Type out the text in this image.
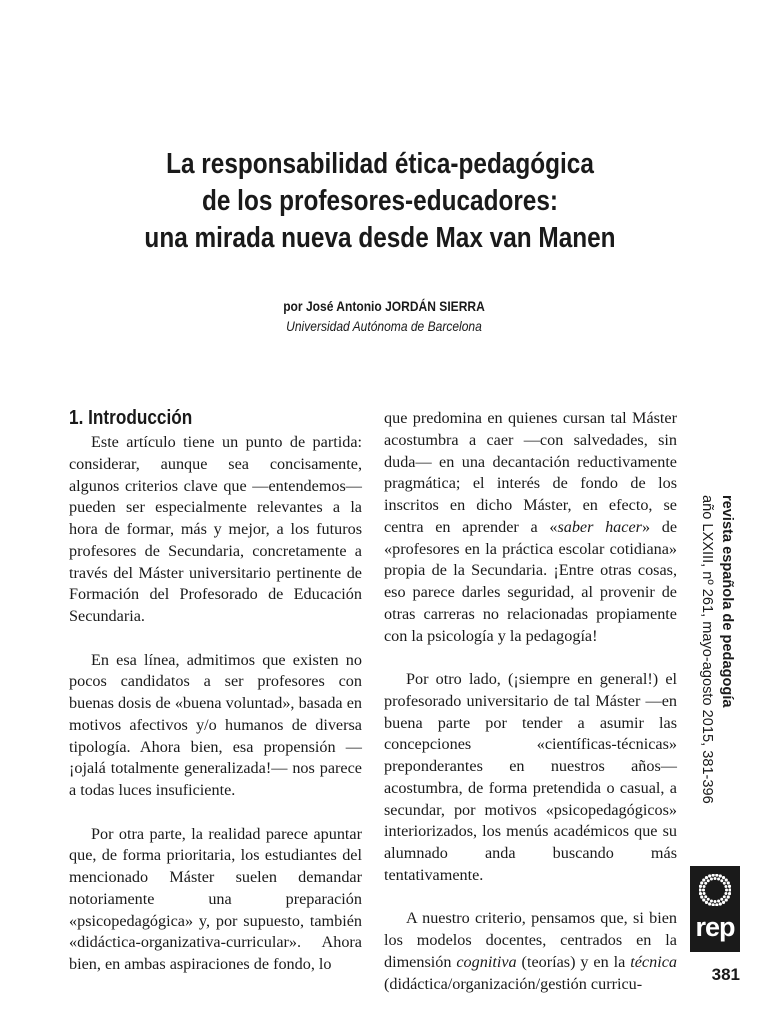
La responsabilidad ética-pedagógica
de los profesores-educadores:
una mirada nueva desde Max van Manen
por José Antonio JORDÁN SIERRA
Universidad Autónoma de Barcelona
1. Introducción

Este artículo tiene un punto de partida: considerar, aunque sea concisamente, algunos criterios clave que —entendemos— pueden ser especialmente relevantes a la hora de formar, más y mejor, a los futuros profesores de Secundaria, concretamente a través del Máster universitario pertinente de Formación del Profesorado de Educación Secundaria.

En esa línea, admitimos que existen no pocos candidatos a ser profesores con buenas dosis de «buena voluntad», basada en motivos afectivos y/o humanos de diversa tipología. Ahora bien, esa propensión —¡ojalá totalmente generalizada!— nos parece a todas luces insuficiente.

Por otra parte, la realidad parece apuntar que, de forma prioritaria, los estudiantes del mencionado Máster suelen demandar notoriamente una preparación «psicopedagógica» y, por supuesto, también «didáctica-organizativa-curricular». Ahora bien, en ambas aspiraciones de fondo, lo

que predomina en quienes cursan tal Máster acostumbra a caer —con salvedades, sin duda— en una decantación reductivamente pragmática; el interés de fondo de los inscritos en dicho Máster, en efecto, se centra en aprender a «saber hacer» de «profesores en la práctica escolar cotidiana» propia de la Secundaria. ¡Entre otras cosas, eso parece darles seguridad, al provenir de otras carreras no relacionadas propiamente con la psicología y la pedagogía!

Por otro lado, (¡siempre en general!) el profesorado universitario de tal Máster —en buena parte por tender a asumir las concepciones «científicas-técnicas» preponderantes en nuestros años— acostumbra, de forma pretendida o casual, a secundar, por motivos «psicopedagógicos» interiorizados, los menús académicos que su alumnado anda buscando más tentativamente.

A nuestro criterio, pensamos que, si bien los modelos docentes, centrados en la dimensión cognitiva (teorías) y en la técnica (didáctica/organización/gestión curricu-

revista española de pedagogía
año LXXIII, nº 261, mayo-agosto 2015, 381-396
rep
381
